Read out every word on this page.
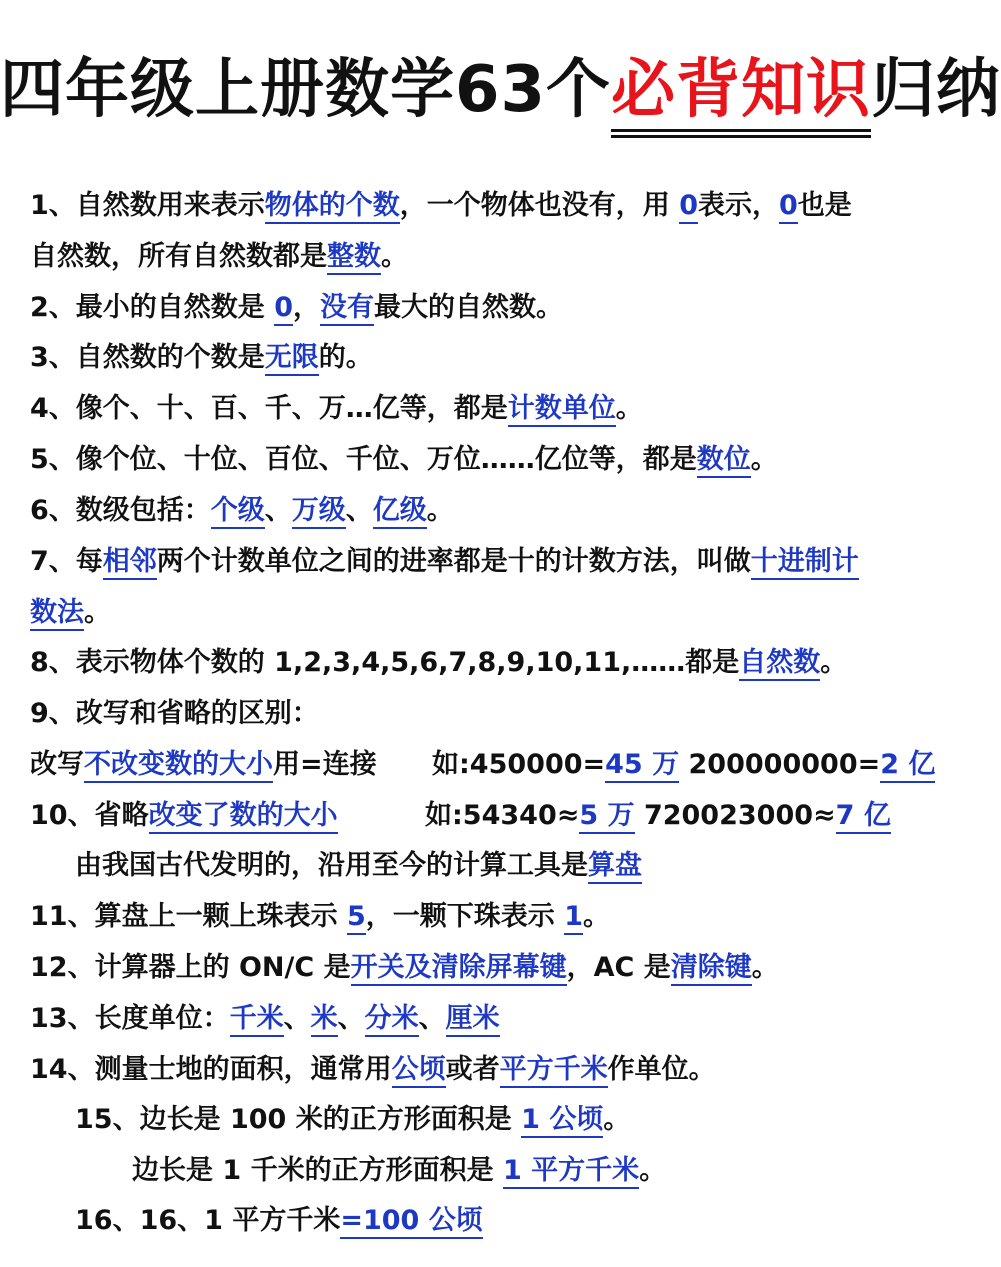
四年级上册数学63个必背知识归纳
1、自然数用来表示物体的个数，一个物体也没有，用 0表示，0也是
自然数，所有自然数都是整数。
2、最小的自然数是 0，没有最大的自然数。
3、自然数的个数是无限的。
4、像个、十、百、千、万…亿等，都是计数单位。
5、像个位、十位、百位、千位、万位……亿位等，都是数位。
6、数级包括：个级、万级、亿级。
7、每相邻两个计数单位之间的进率都是十的计数方法，叫做十进制计
数法。
8、表示物体个数的 1,2,3,4,5,6,7,8,9,10,11,……都是自然数。
9、改写和省略的区别：
改写不改变数的大小用=连接 如:450000=45 万 200000000=2 亿
10、省略改变了数的大小	如:54340≈5 万 720023000≈7 亿
由我国古代发明的，沿用至今的计算工具是算盘
11、算盘上一颗上珠表示 5，一颗下珠表示 1。
12、计算器上的 ON/C 是开关及清除屏幕键，AC 是清除键。
13、长度单位：千米、米、分米、厘米
14、测量士地的面积，通常用公顷或者平方千米作单位。
15、边长是 100 米的正方形面积是 1 公顷。
边长是 1 千米的正方形面积是 1 平方千米。
16、16、1 平方千米=100 公顷
